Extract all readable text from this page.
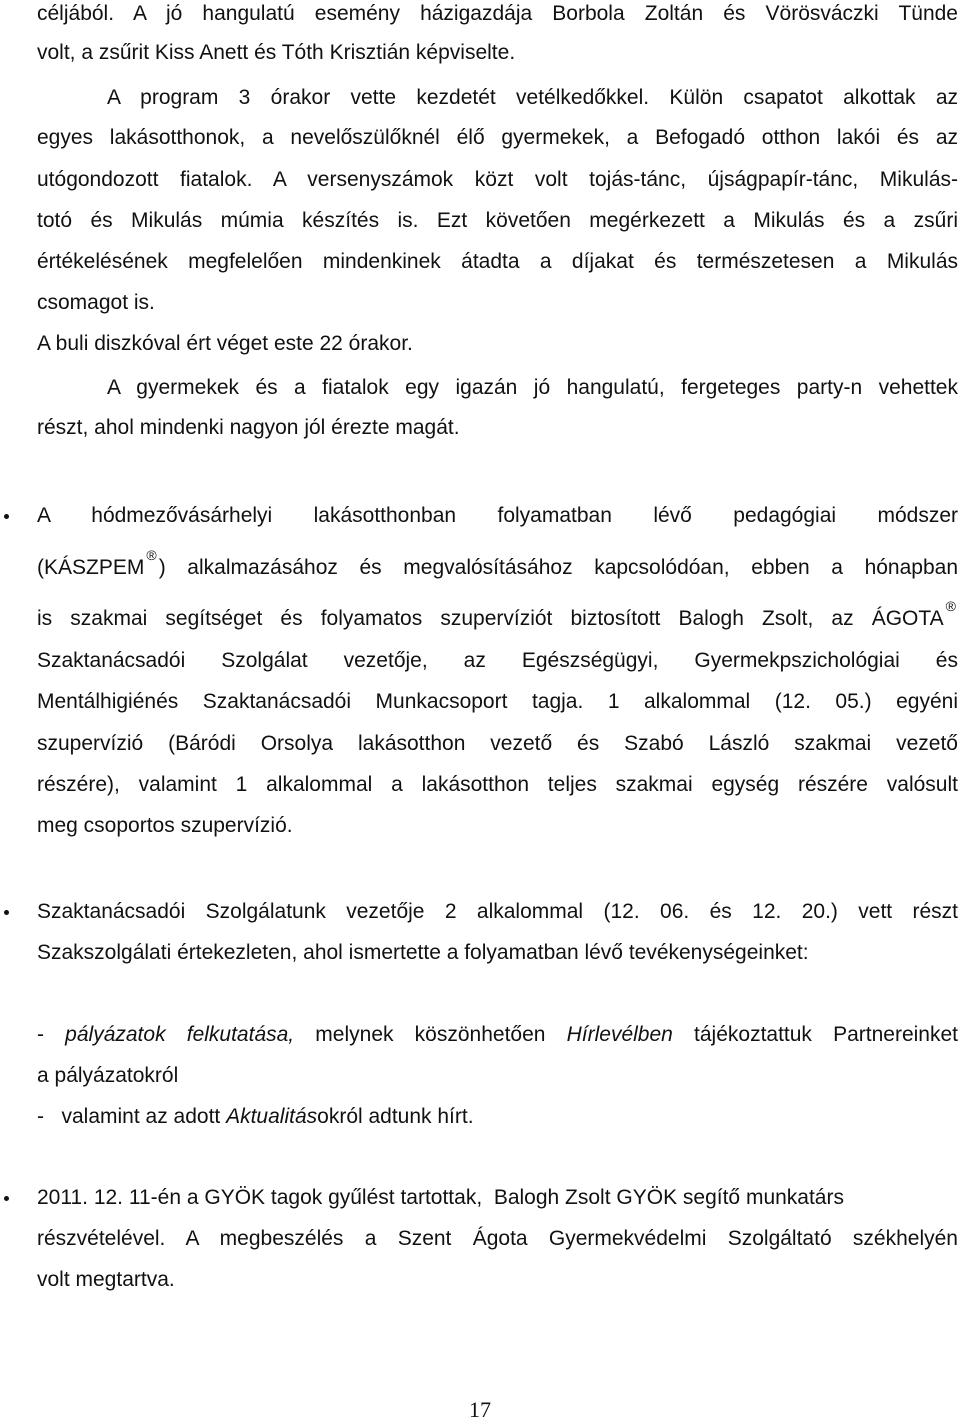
céljából. A jó hangulatú esemény házigazdája Borbola Zoltán és Vörösváczki Tünde
volt, a zsűrit Kiss Anett és Tóth Krisztián képviselte.
A program 3 órakor vette kezdetét vetélkedőkkel. Külön csapatot alkottak az
egyes lakásotthonok, a nevelőszülőknél élő gyermekek, a Befogadó otthon lakói és az
utógondozott fiatalok. A versenyszámok közt volt tojás-tánc, újságpapír-tánc, Mikulás-
totó és Mikulás múmia készítés is. Ezt követően megérkezett a Mikulás és a zsűri
értékelésének megfelelően mindenkinek átadta a díjakat és természetesen a Mikulás
csomagot is.
A buli diszkóval ért véget este 22 órakor.
A gyermekek és a fiatalok egy igazán jó hangulatú, fergeteges party-n vehettek
részt, ahol mindenki nagyon jól érezte magát.
A hódmezővásárhelyi lakásotthonban folyamatban lévő pedagógiai módszer
(KÁSZPEM®) alkalmazásához és megvalósításához kapcsolódóan, ebben a hónapban
is szakmai segítséget és folyamatos szupervíziót biztosított Balogh Zsolt, az ÁGOTA®
Szaktanácsadói Szolgálat vezetője, az Egészségügyi, Gyermekpszichológiai és
Mentálhigiénés Szaktanácsadói Munkacsoport tagja. 1 alkalommal (12. 05.) egyéni
szupervízió (Báródi Orsolya lakásotthon vezető és Szabó László szakmai vezető
részére), valamint 1 alkalommal a lakásotthon teljes szakmai egység részére valósult
meg csoportos szupervízió.
Szaktanácsadói Szolgálatunk vezetője 2 alkalommal (12. 06. és 12. 20.) vett részt
Szakszolgálati értekezleten, ahol ismertette a folyamatban lévő tevékenységeinket:
- pályázatok felkutatása, melynek köszönhetően Hírlevélben tájékoztattuk Partnereinket
a pályázatokról
-   valamint az adott Aktualitásokról adtunk hírt.
2011. 12. 11-én a GYÖK tagok gyűlést tartottak,  Balogh Zsolt GYÖK segítő munkatárs
részvételével. A megbeszélés a Szent Ágota Gyermekvédelmi Szolgáltató székhelyén
volt megtartva.
17
